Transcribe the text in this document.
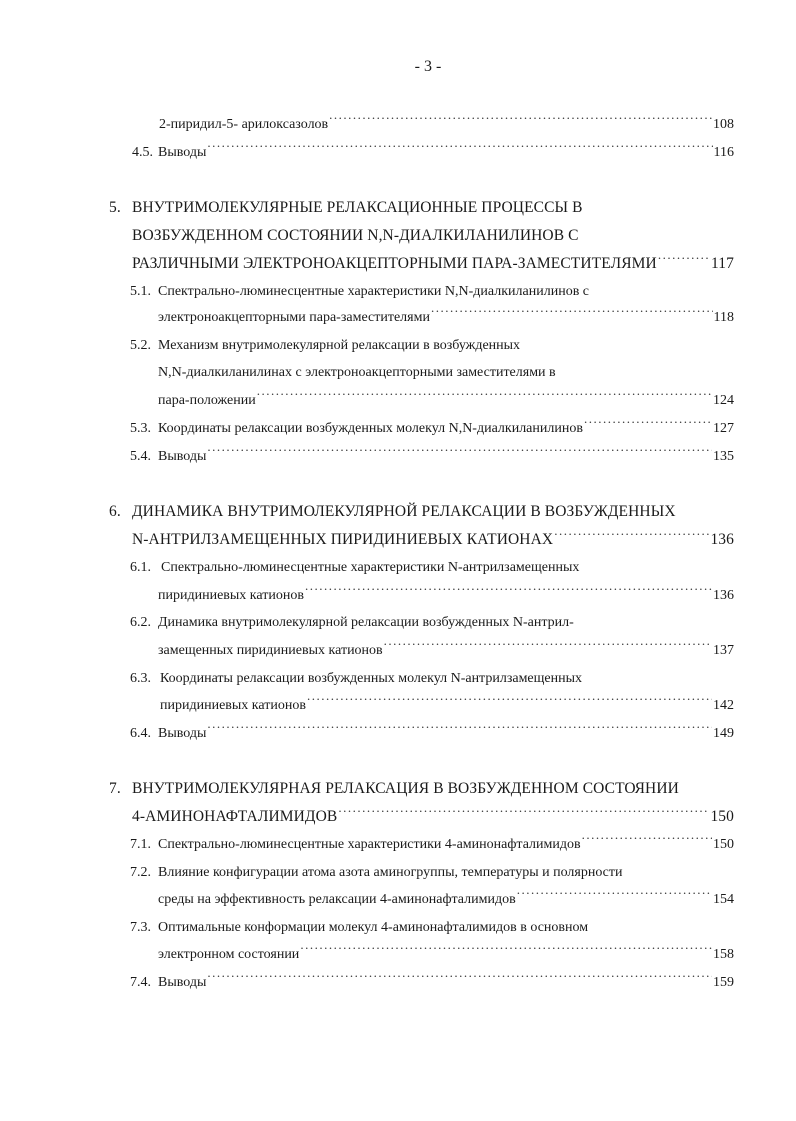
- 3 -
2-пиридил-5- арилоксазолов .....	108
4.5. Выводы .....	116
5. ВНУТРИМОЛЕКУЛЯРНЫЕ РЕЛАКСАЦИОННЫЕ ПРОЦЕССЫ В
ВОЗБУЖДЕННОМ СОСТОЯНИИ N,N-ДИАЛКИЛАНИЛИНОВ С
РАЗЛИЧНЫМИ ЭЛЕКТРОНОАКЦЕПТОРНЫМИ ПАРА-ЗАМЕСТИТЕЛЯМИ .....	117
5.1. Спектрально-люминесцентные характеристики N,N-диалкиланилинов с
электроноакцепторными пара-заместителями .....	118
5.2. Механизм внутримолекулярной релаксации в возбужденных
N,N-диалкиланилинах с электроноакцепторными заместителями в
пара-положении .....	124
5.3. Координаты релаксации возбужденных молекул N,N-диалкиланилинов .....	127
5.4. Выводы .....	135
6. ДИНАМИКА ВНУТРИМОЛЕКУЛЯРНОЙ РЕЛАКСАЦИИ В ВОЗБУЖДЕННЫХ
N-АНТРИЛЗАМЕЩЕННЫХ ПИРИДИНИЕВЫХ КАТИОНАХ .....	136
6.1. Спектрально-люминесцентные характеристики N-антрилзамещенных
пиридиниевых катионов .....	136
6.2. Динамика внутримолекулярной релаксации возбужденных N-антрил-
замещенных пиридиниевых катионов .....	137
6.3. Координаты релаксации возбужденных молекул N-антрилзамещенных
пиридиниевых катионов .....	142
6.4. Выводы .....	149
7. ВНУТРИМОЛЕКУЛЯРНАЯ РЕЛАКСАЦИЯ В ВОЗБУЖДЕННОМ СОСТОЯНИИ
4-АМИНОНАФТАЛИМИДОВ .....	150
7.1. Спектрально-люминесцентные характеристики 4-аминонафталимидов .....	150
7.2. Влияние конфигурации атома азота аминогруппы, температуры и полярности
среды на эффективность релаксации 4-аминонафталимидов .....	154
7.3. Оптимальные конформации молекул 4-аминонафталимидов в основном
электронном состоянии .....	158
7.4. Выводы .....	159
